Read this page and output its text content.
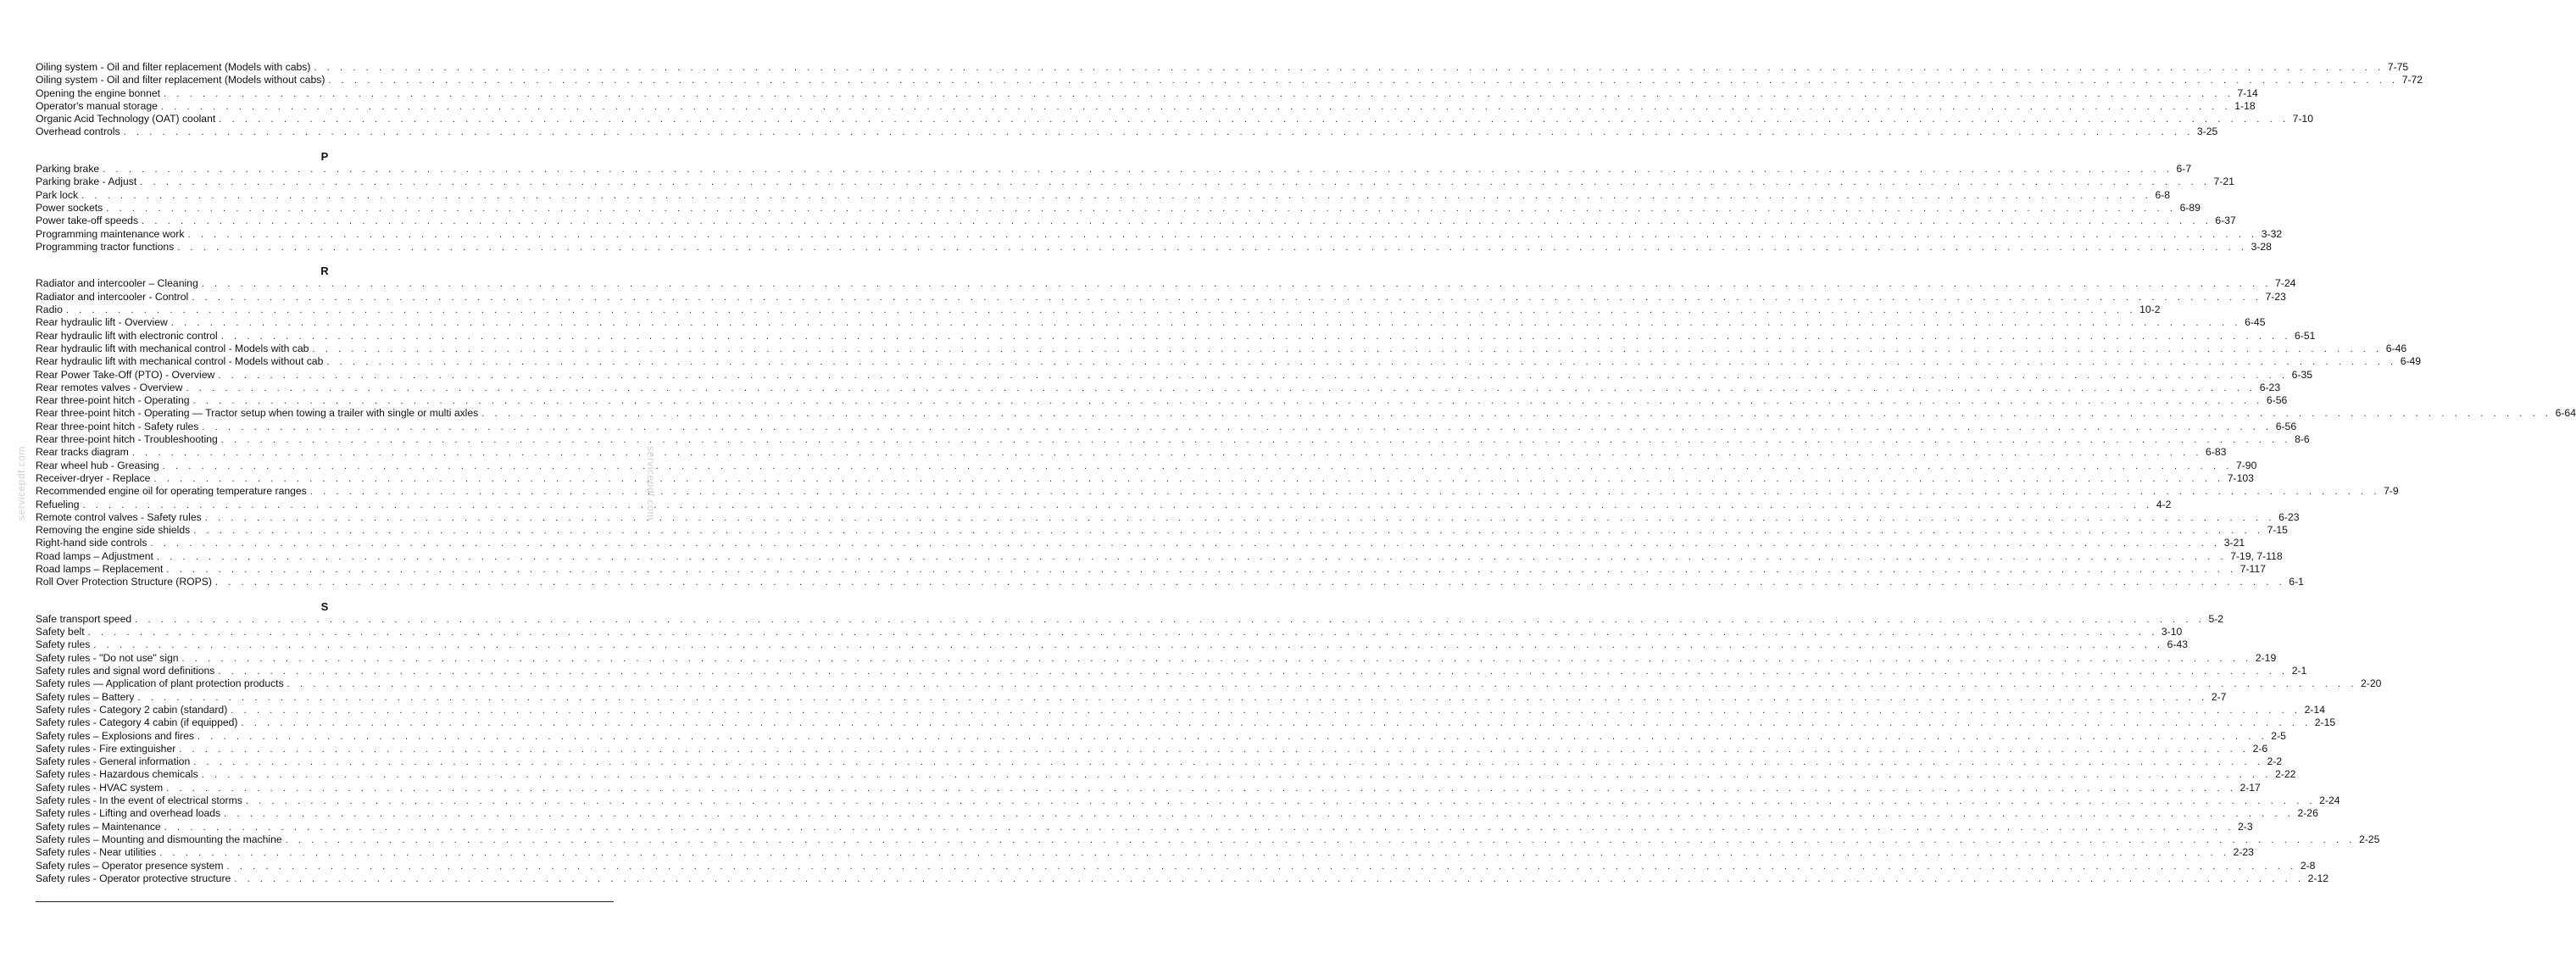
Oiling system - Oil and filter replacement (Models with cabs) . . . . . . . . . . . . . . . . . . . . . . . . . . . . . . . . . . . . . . . . . . . . . . . . . . . . . . . . . . . . . . . . . . . . . . . . . . . . . . . . . . . . . . . . . . . . . . . . . . . . . . . . . . . . . . . . . . . . . . . . . . . . . . . . . . . . . . . . . . . . . . . . . . . . . . . . . . . . . . . . 7-75
Oiling system - Oil and filter replacement (Models without cabs) . . . . . . . . . . . . . . . . . . . . . . . . . . . . . . . . . . . . . . . . . . . . . . . . . . . . . . . . . . . . . . . . . . . . . . . . . . . . . . . . . . . . . . . . . . . . . . . . . . . . . . . . . . . . . . . . . . . . . . . . . . . . . . . . . . . . . . . . . . . . . . . . . . . . . . . . . . . . . . . . 7-72
Opening the engine bonnet . . . . . . . . . . . . . . . . . . . . . . . . . . . . . . . . . . . . . . . . . . . . . . . . . . . . . . . . . . . . . . . . . . . . . . . . . . . . . . . . . . . . . . . . . . . . . . . . . . . . . . . . . . . . . . . . . . . . . . . . . . . . . . . . . . . . . . . . . . . . . . . . . . . . . . . . . . . . . . . . 7-14
Operator's manual storage . . . . . . . . . . . . . . . . . . . . . . . . . . . . . . . . . . . . . . . . . . . . . . . . . . . . . . . . . . . . . . . . . . . . . . . . . . . . . . . . . . . . . . . . . . . . . . . . . . . . . . . . . . . . . . . . . . . . . . . . . . . . . . . . . . . . . . . . . . . . . . . . . . . . . . . . . . . . . . . . 1-18
Organic Acid Technology (OAT) coolant . . . . . . . . . . . . . . . . . . . . . . . . . . . . . . . . . . . . . . . . . . . . . . . . . . . . . . . . . . . . . . . . . . . . . . . . . . . . . . . . . . . . . . . . . . . . . . . . . . . . . . . . . . . . . . . . . . . . . . . . . . . . . . . . . . . . . . . . . . . . . . . . . . . . . . . . . . . . . . . . 7-10
Overhead controls . . . . . . . . . . . . . . . . . . . . . . . . . . . . . . . . . . . . . . . . . . . . . . . . . . . . . . . . . . . . . . . . . . . . . . . . . . . . . . . . . . . . . . . . . . . . . . . . . . . . . . . . . . . . . . . . . . . . . . . . . . . . . . . . . . . . . . . . . . . . . . . . . . . . . . . . . . . . . . . . 3-25
P
Parking brake . . . . . . . . . . . . . . . . . . . . . . . . . . . . . . . . . . . . . . . . . . . . . . . . . . . . . . . . . . . . . . . . . . . . . . . . . . . . . . . . . . . . . . . . . . . . . . . . . . . . . . . . . . . . . . . . . . . . . . . . . . . . . . . . . . . . . . . . . . . . . . . . . . . . . . . . . . . . . . . . 6-7
Parking brake - Adjust . . . . . . . . . . . . . . . . . . . . . . . . . . . . . . . . . . . . . . . . . . . . . . . . . . . . . . . . . . . . . . . . . . . . . . . . . . . . . . . . . . . . . . . . . . . . . . . . . . . . . . . . . . . . . . . . . . . . . . . . . . . . . . . . . . . . . . . . . . . . . . . . . . . . . . . . . . . . . . . . 7-21
Park lock . . . . . . . . . . . . . . . . . . . . . . . . . . . . . . . . . . . . . . . . . . . . . . . . . . . . . . . . . . . . . . . . . . . . . . . . . . . . . . . . . . . . . . . . . . . . . . . . . . . . . . . . . . . . . . . . . . . . . . . . . . . . . . . . . . . . . . . . . . . . . . . . . . . . . . . . . . . . . . . . 6-8
Power sockets . . . . . . . . . . . . . . . . . . . . . . . . . . . . . . . . . . . . . . . . . . . . . . . . . . . . . . . . . . . . . . . . . . . . . . . . . . . . . . . . . . . . . . . . . . . . . . . . . . . . . . . . . . . . . . . . . . . . . . . . . . . . . . . . . . . . . . . . . . . . . . . . . . . . . . . . . . . . . . . . 6-89
Power take-off speeds . . . . . . . . . . . . . . . . . . . . . . . . . . . . . . . . . . . . . . . . . . . . . . . . . . . . . . . . . . . . . . . . . . . . . . . . . . . . . . . . . . . . . . . . . . . . . . . . . . . . . . . . . . . . . . . . . . . . . . . . . . . . . . . . . . . . . . . . . . . . . . . . . . . . . . . . . . . . . . . . 6-37
Programming maintenance work . . . . . . . . . . . . . . . . . . . . . . . . . . . . . . . . . . . . . . . . . . . . . . . . . . . . . . . . . . . . . . . . . . . . . . . . . . . . . . . . . . . . . . . . . . . . . . . . . . . . . . . . . . . . . . . . . . . . . . . . . . . . . . . . . . . . . . . . . . . . . . . . . . . . . . . . . . . . . . . . 3-32
Programming tractor functions . . . . . . . . . . . . . . . . . . . . . . . . . . . . . . . . . . . . . . . . . . . . . . . . . . . . . . . . . . . . . . . . . . . . . . . . . . . . . . . . . . . . . . . . . . . . . . . . . . . . . . . . . . . . . . . . . . . . . . . . . . . . . . . . . . . . . . . . . . . . . . . . . . . . . . . . . . . . . . . . 3-28
R
Radiator and intercooler – Cleaning . . . . . . . . . . . . . . . . . . . . . . . . . . . . . . . . . . . . . . . . . . . . . . . . . . . . . . . . . . . . . . . . . . . . . . . . . . . . . . . . . . . . . . . . . . . . . . . . . . . . . . . . . . . . . . . . . . . . . . . . . . . . . . . . . . . . . . . . . . . . . . . . . . . . . . . . . . . . . . . . 7-24
Radiator and intercooler - Control . . . . . . . . . . . . . . . . . . . . . . . . . . . . . . . . . . . . . . . . . . . . . . . . . . . . . . . . . . . . . . . . . . . . . . . . . . . . . . . . . . . . . . . . . . . . . . . . . . . . . . . . . . . . . . . . . . . . . . . . . . . . . . . . . . . . . . . . . . . . . . . . . . . . . . . . . . . . . . . . 7-23
Radio . . . . . . . . . . . . . . . . . . . . . . . . . . . . . . . . . . . . . . . . . . . . . . . . . . . . . . . . . . . . . . . . . . . . . . . . . . . . . . . . . . . . . . . . . . . . . . . . . . . . . . . . . . . . . . . . . . . . . . . . . . . . . . . . . . . . . . . . . . . . . . . . . . . . . . . . . . . . . . . . 10-2
Rear hydraulic lift - Overview . . . . . . . . . . . . . . . . . . . . . . . . . . . . . . . . . . . . . . . . . . . . . . . . . . . . . . . . . . . . . . . . . . . . . . . . . . . . . . . . . . . . . . . . . . . . . . . . . . . . . . . . . . . . . . . . . . . . . . . . . . . . . . . . . . . . . . . . . . . . . . . . . . . . . . . . . . . . . . . . 6-45
Rear hydraulic lift with electronic control . . . . . . . . . . . . . . . . . . . . . . . . . . . . . . . . . . . . . . . . . . . . . . . . . . . . . . . . . . . . . . . . . . . . . . . . . . . . . . . . . . . . . . . . . . . . . . . . . . . . . . . . . . . . . . . . . . . . . . . . . . . . . . . . . . . . . . . . . . . . . . . . . . . . . . . . . . . . . . . . 6-51
Rear hydraulic lift with mechanical control - Models with cab . . . . . . . . . . . . . . . . . . . . . . . . . . . . . . . . . . . . . . . . . . . . . . . . . . . . . . . . . . . . . . . . . . . . . . . . . . . . . . . . . . . . . . . . . . . . . . . . . . . . . . . . . . . . . . . . . . . . . . . . . . . . . . . . . . . . . . . . . . . . . . . . . . . . . . . . . . . . . . . . 6-46
Rear hydraulic lift with mechanical control - Models without cab . . . . . . . . . . . . . . . . . . . . . . . . . . . . . . . . . . . . . . . . . . . . . . . . . . . . . . . . . . . . . . . . . . . . . . . . . . . . . . . . . . . . . . . . . . . . . . . . . . . . . . . . . . . . . . . . . . . . . . . . . . . . . . . . . . . . . . . . . . . . . . . . . . . . . . . . . . . . . . . . 6-49
Rear Power Take-Off (PTO) - Overview . . . . . . . . . . . . . . . . . . . . . . . . . . . . . . . . . . . . . . . . . . . . . . . . . . . . . . . . . . . . . . . . . . . . . . . . . . . . . . . . . . . . . . . . . . . . . . . . . . . . . . . . . . . . . . . . . . . . . . . . . . . . . . . . . . . . . . . . . . . . . . . . . . . . . . . . . . . . . . . . 6-35
Rear remotes valves - Overview . . . . . . . . . . . . . . . . . . . . . . . . . . . . . . . . . . . . . . . . . . . . . . . . . . . . . . . . . . . . . . . . . . . . . . . . . . . . . . . . . . . . . . . . . . . . . . . . . . . . . . . . . . . . . . . . . . . . . . . . . . . . . . . . . . . . . . . . . . . . . . . . . . . . . . . . . . . . . . . . 6-23
Rear three-point hitch - Operating . . . . . . . . . . . . . . . . . . . . . . . . . . . . . . . . . . . . . . . . . . . . . . . . . . . . . . . . . . . . . . . . . . . . . . . . . . . . . . . . . . . . . . . . . . . . . . . . . . . . . . . . . . . . . . . . . . . . . . . . . . . . . . . . . . . . . . . . . . . . . . . . . . . . . . . . . . . . . . . . 6-56
Rear three-point hitch - Operating — Tractor setup when towing a trailer with single or multi axles . . . . . . . . . . . . . . . . . . . . . . . . . . . . . . . . . . . . . . . . . . . . . . . . . . . . . . . . . . . . . . . . . . . . . . . . . . . . . . . . . . . . . . . . . . . . . . . . . . . . . . . . . . . . . . . . . . . . . . . . . . . . . . . . . . . . . . . . . . . . . . . . . . . . . . . . . . . . . . . . 6-64
Rear three-point hitch - Safety rules . . . . . . . . . . . . . . . . . . . . . . . . . . . . . . . . . . . . . . . . . . . . . . . . . . . . . . . . . . . . . . . . . . . . . . . . . . . . . . . . . . . . . . . . . . . . . . . . . . . . . . . . . . . . . . . . . . . . . . . . . . . . . . . . . . . . . . . . . . . . . . . . . . . . . . . . . . . . . . . . 6-56
Rear three-point hitch - Troubleshooting . . . . . . . . . . . . . . . . . . . . . . . . . . . . . . . . . . . . . . . . . . . . . . . . . . . . . . . . . . . . . . . . . . . . . . . . . . . . . . . . . . . . . . . . . . . . . . . . . . . . . . . . . . . . . . . . . . . . . . . . . . . . . . . . . . . . . . . . . . . . . . . . . . . . . . . . . . . . . . . . 8-6
Rear tracks diagram . . . . . . . . . . . . . . . . . . . . . . . . . . . . . . . . . . . . . . . . . . . . . . . . . . . . . . . . . . . . . . . . . . . . . . . . . . . . . . . . . . . . . . . . . . . . . . . . . . . . . . . . . . . . . . . . . . . . . . . . . . . . . . . . . . . . . . . . . . . . . . . . . . . . . . . . . . . . . . . . 6-83
Rear wheel hub - Greasing . . . . . . . . . . . . . . . . . . . . . . . . . . . . . . . . . . . . . . . . . . . . . . . . . . . . . . . . . . . . . . . . . . . . . . . . . . . . . . . . . . . . . . . . . . . . . . . . . . . . . . . . . . . . . . . . . . . . . . . . . . . . . . . . . . . . . . . . . . . . . . . . . . . . . . . . . . . . . . . . 7-90
Receiver-dryer - Replace . . . . . . . . . . . . . . . . . . . . . . . . . . . . . . . . . . . . . . . . . . . . . . . . . . . . . . . . . . . . . . . . . . . . . . . . . . . . . . . . . . . . . . . . . . . . . . . . . . . . . . . . . . . . . . . . . . . . . . . . . . . . . . . . . . . . . . . . . . . . . . . . . . . . . . . . . . . . . . . . 7-103
Recommended engine oil for operating temperature ranges . . . . . . . . . . . . . . . . . . . . . . . . . . . . . . . . . . . . . . . . . . . . . . . . . . . . . . . . . . . . . . . . . . . . . . . . . . . . . . . . . . . . . . . . . . . . . . . . . . . . . . . . . . . . . . . . . . . . . . . . . . . . . . . . . . . . . . . . . . . . . . . . . . . . . . . . . . . . . . . . 7-9
Refueling . . . . . . . . . . . . . . . . . . . . . . . . . . . . . . . . . . . . . . . . . . . . . . . . . . . . . . . . . . . . . . . . . . . . . . . . . . . . . . . . . . . . . . . . . . . . . . . . . . . . . . . . . . . . . . . . . . . . . . . . . . . . . . . . . . . . . . . . . . . . . . . . . . . . . . . . . . . . . . . . 4-2
Remote control valves - Safety rules . . . . . . . . . . . . . . . . . . . . . . . . . . . . . . . . . . . . . . . . . . . . . . . . . . . . . . . . . . . . . . . . . . . . . . . . . . . . . . . . . . . . . . . . . . . . . . . . . . . . . . . . . . . . . . . . . . . . . . . . . . . . . . . . . . . . . . . . . . . . . . . . . . . . . . . . . . . . . . . . 6-23
Removing the engine side shields . . . . . . . . . . . . . . . . . . . . . . . . . . . . . . . . . . . . . . . . . . . . . . . . . . . . . . . . . . . . . . . . . . . . . . . . . . . . . . . . . . . . . . . . . . . . . . . . . . . . . . . . . . . . . . . . . . . . . . . . . . . . . . . . . . . . . . . . . . . . . . . . . . . . . . . . . . . . . . . . 7-15
Right-hand side controls . . . . . . . . . . . . . . . . . . . . . . . . . . . . . . . . . . . . . . . . . . . . . . . . . . . . . . . . . . . . . . . . . . . . . . . . . . . . . . . . . . . . . . . . . . . . . . . . . . . . . . . . . . . . . . . . . . . . . . . . . . . . . . . . . . . . . . . . . . . . . . . . . . . . . . . . . . . . . . . . 3-21
Road lamps – Adjustment . . . . . . . . . . . . . . . . . . . . . . . . . . . . . . . . . . . . . . . . . . . . . . . . . . . . . . . . . . . . . . . . . . . . . . . . . . . . . . . . . . . . . . . . . . . . . . . . . . . . . . . . . . . . . . . . . . . . . . . . . . . . . . . . . . . . . . . . . . . . . . . . . . . . . . . . . . . . . . . . 7-19, 7-118
Road lamps – Replacement . . . . . . . . . . . . . . . . . . . . . . . . . . . . . . . . . . . . . . . . . . . . . . . . . . . . . . . . . . . . . . . . . . . . . . . . . . . . . . . . . . . . . . . . . . . . . . . . . . . . . . . . . . . . . . . . . . . . . . . . . . . . . . . . . . . . . . . . . . . . . . . . . . . . . . . . . . . . . . . . 7-117
Roll Over Protection Structure (ROPS) . . . . . . . . . . . . . . . . . . . . . . . . . . . . . . . . . . . . . . . . . . . . . . . . . . . . . . . . . . . . . . . . . . . . . . . . . . . . . . . . . . . . . . . . . . . . . . . . . . . . . . . . . . . . . . . . . . . . . . . . . . . . . . . . . . . . . . . . . . . . . . . . . . . . . . . . . . . . . . . . 6-1
S
Safe transport speed . . . . . . . . . . . . . . . . . . . . . . . . . . . . . . . . . . . . . . . . . . . . . . . . . . . . . . . . . . . . . . . . . . . . . . . . . . . . . . . . . . . . . . . . . . . . . . . . . . . . . . . . . . . . . . . . . . . . . . . . . . . . . . . . . . . . . . . . . . . . . . . . . . . . . . . . . . . . . . . . 5-2
Safety belt . . . . . . . . . . . . . . . . . . . . . . . . . . . . . . . . . . . . . . . . . . . . . . . . . . . . . . . . . . . . . . . . . . . . . . . . . . . . . . . . . . . . . . . . . . . . . . . . . . . . . . . . . . . . . . . . . . . . . . . . . . . . . . . . . . . . . . . . . . . . . . . . . . . . . . . . . . . . . . . . 3-10
Safety rules . . . . . . . . . . . . . . . . . . . . . . . . . . . . . . . . . . . . . . . . . . . . . . . . . . . . . . . . . . . . . . . . . . . . . . . . . . . . . . . . . . . . . . . . . . . . . . . . . . . . . . . . . . . . . . . . . . . . . . . . . . . . . . . . . . . . . . . . . . . . . . . . . . . . . . . . . . . . . . . . 6-43
Safety rules - "Do not use" sign . . . . . . . . . . . . . . . . . . . . . . . . . . . . . . . . . . . . . . . . . . . . . . . . . . . . . . . . . . . . . . . . . . . . . . . . . . . . . . . . . . . . . . . . . . . . . . . . . . . . . . . . . . . . . . . . . . . . . . . . . . . . . . . . . . . . . . . . . . . . . . . . . . . . . . . . . . . . . . . . 2-19
Safety rules and signal word definitions . . . . . . . . . . . . . . . . . . . . . . . . . . . . . . . . . . . . . . . . . . . . . . . . . . . . . . . . . . . . . . . . . . . . . . . . . . . . . . . . . . . . . . . . . . . . . . . . . . . . . . . . . . . . . . . . . . . . . . . . . . . . . . . . . . . . . . . . . . . . . . . . . . . . . . . . . . . . . . . . 2-1
Safety rules — Application of plant protection products . . . . . . . . . . . . . . . . . . . . . . . . . . . . . . . . . . . . . . . . . . . . . . . . . . . . . . . . . . . . . . . . . . . . . . . . . . . . . . . . . . . . . . . . . . . . . . . . . . . . . . . . . . . . . . . . . . . . . . . . . . . . . . . . . . . . . . . . . . . . . . . . . . . . . . . . . . . . . . . . 2-20
Safety rules – Battery . . . . . . . . . . . . . . . . . . . . . . . . . . . . . . . . . . . . . . . . . . . . . . . . . . . . . . . . . . . . . . . . . . . . . . . . . . . . . . . . . . . . . . . . . . . . . . . . . . . . . . . . . . . . . . . . . . . . . . . . . . . . . . . . . . . . . . . . . . . . . . . . . . . . . . . . . . . . . . . . 2-7
Safety rules - Category 2 cabin (standard) . . . . . . . . . . . . . . . . . . . . . . . . . . . . . . . . . . . . . . . . . . . . . . . . . . . . . . . . . . . . . . . . . . . . . . . . . . . . . . . . . . . . . . . . . . . . . . . . . . . . . . . . . . . . . . . . . . . . . . . . . . . . . . . . . . . . . . . . . . . . . . . . . . . . . . . . . . . . . . . . 2-14
Safety rules - Category 4 cabin (if equipped) . . . . . . . . . . . . . . . . . . . . . . . . . . . . . . . . . . . . . . . . . . . . . . . . . . . . . . . . . . . . . . . . . . . . . . . . . . . . . . . . . . . . . . . . . . . . . . . . . . . . . . . . . . . . . . . . . . . . . . . . . . . . . . . . . . . . . . . . . . . . . . . . . . . . . . . . . . . . . . . . 2-15
Safety rules – Explosions and fires . . . . . . . . . . . . . . . . . . . . . . . . . . . . . . . . . . . . . . . . . . . . . . . . . . . . . . . . . . . . . . . . . . . . . . . . . . . . . . . . . . . . . . . . . . . . . . . . . . . . . . . . . . . . . . . . . . . . . . . . . . . . . . . . . . . . . . . . . . . . . . . . . . . . . . . . . . . . . . . . 2-5
Safety rules - Fire extinguisher . . . . . . . . . . . . . . . . . . . . . . . . . . . . . . . . . . . . . . . . . . . . . . . . . . . . . . . . . . . . . . . . . . . . . . . . . . . . . . . . . . . . . . . . . . . . . . . . . . . . . . . . . . . . . . . . . . . . . . . . . . . . . . . . . . . . . . . . . . . . . . . . . . . . . . . . . . . . . . . . 2-6
Safety rules - General information . . . . . . . . . . . . . . . . . . . . . . . . . . . . . . . . . . . . . . . . . . . . . . . . . . . . . . . . . . . . . . . . . . . . . . . . . . . . . . . . . . . . . . . . . . . . . . . . . . . . . . . . . . . . . . . . . . . . . . . . . . . . . . . . . . . . . . . . . . . . . . . . . . . . . . . . . . . . . . . . 2-2
Safety rules - Hazardous chemicals . . . . . . . . . . . . . . . . . . . . . . . . . . . . . . . . . . . . . . . . . . . . . . . . . . . . . . . . . . . . . . . . . . . . . . . . . . . . . . . . . . . . . . . . . . . . . . . . . . . . . . . . . . . . . . . . . . . . . . . . . . . . . . . . . . . . . . . . . . . . . . . . . . . . . . . . . . . . . . . . 2-22
Safety rules - HVAC system . . . . . . . . . . . . . . . . . . . . . . . . . . . . . . . . . . . . . . . . . . . . . . . . . . . . . . . . . . . . . . . . . . . . . . . . . . . . . . . . . . . . . . . . . . . . . . . . . . . . . . . . . . . . . . . . . . . . . . . . . . . . . . . . . . . . . . . . . . . . . . . . . . . . . . . . . . . . . . . . 2-17
Safety rules - In the event of electrical storms . . . . . . . . . . . . . . . . . . . . . . . . . . . . . . . . . . . . . . . . . . . . . . . . . . . . . . . . . . . . . . . . . . . . . . . . . . . . . . . . . . . . . . . . . . . . . . . . . . . . . . . . . . . . . . . . . . . . . . . . . . . . . . . . . . . . . . . . . . . . . . . . . . . . . . . . . . . . . . . . 2-24
Safety rules - Lifting and overhead loads . . . . . . . . . . . . . . . . . . . . . . . . . . . . . . . . . . . . . . . . . . . . . . . . . . . . . . . . . . . . . . . . . . . . . . . . . . . . . . . . . . . . . . . . . . . . . . . . . . . . . . . . . . . . . . . . . . . . . . . . . . . . . . . . . . . . . . . . . . . . . . . . . . . . . . . . . . . . . . . . 2-26
Safety rules – Maintenance . . . . . . . . . . . . . . . . . . . . . . . . . . . . . . . . . . . . . . . . . . . . . . . . . . . . . . . . . . . . . . . . . . . . . . . . . . . . . . . . . . . . . . . . . . . . . . . . . . . . . . . . . . . . . . . . . . . . . . . . . . . . . . . . . . . . . . . . . . . . . . . . . . . . . . . . . . . . . . . . 2-3
Safety rules – Mounting and dismounting the machine . . . . . . . . . . . . . . . . . . . . . . . . . . . . . . . . . . . . . . . . . . . . . . . . . . . . . . . . . . . . . . . . . . . . . . . . . . . . . . . . . . . . . . . . . . . . . . . . . . . . . . . . . . . . . . . . . . . . . . . . . . . . . . . . . . . . . . . . . . . . . . . . . . . . . . . . . . . . . . . . 2-25
Safety rules - Near utilities . . . . . . . . . . . . . . . . . . . . . . . . . . . . . . . . . . . . . . . . . . . . . . . . . . . . . . . . . . . . . . . . . . . . . . . . . . . . . . . . . . . . . . . . . . . . . . . . . . . . . . . . . . . . . . . . . . . . . . . . . . . . . . . . . . . . . . . . . . . . . . . . . . . . . . . . . . . . . . . . 2-23
Safety rules – Operator presence system . . . . . . . . . . . . . . . . . . . . . . . . . . . . . . . . . . . . . . . . . . . . . . . . . . . . . . . . . . . . . . . . . . . . . . . . . . . . . . . . . . . . . . . . . . . . . . . . . . . . . . . . . . . . . . . . . . . . . . . . . . . . . . . . . . . . . . . . . . . . . . . . . . . . . . . . . . . . . . . . 2-8
Safety rules - Operator protective structure . . . . . . . . . . . . . . . . . . . . . . . . . . . . . . . . . . . . . . . . . . . . . . . . . . . . . . . . . . . . . . . . . . . . . . . . . . . . . . . . . . . . . . . . . . . . . . . . . . . . . . . . . . . . . . . . . . . . . . . . . . . . . . . . . . . . . . . . . . . . . . . . . . . . . . . . . . . . . . . . 2-12
servicepdf.com	servicepdf.com
